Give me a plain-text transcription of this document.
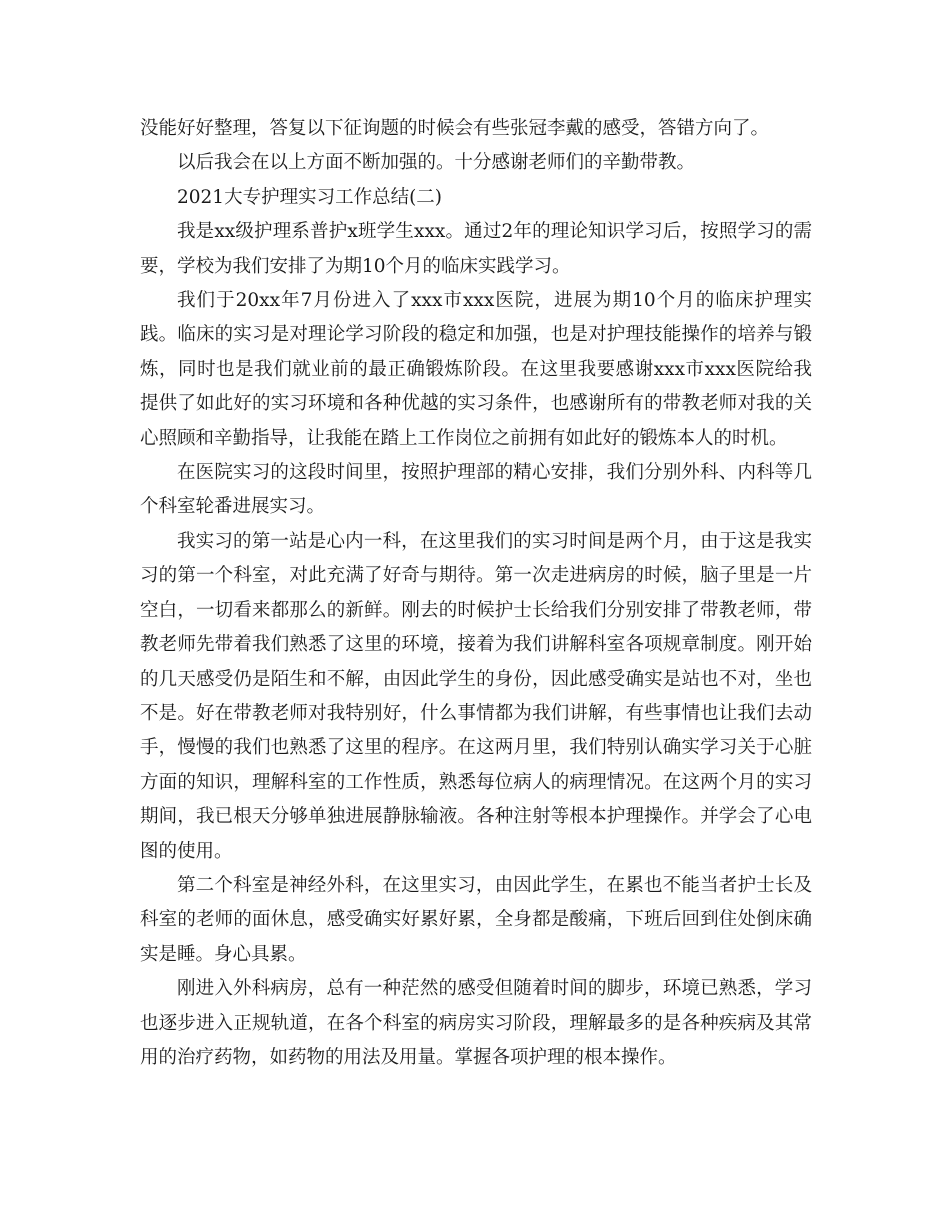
没能好好整理，答复以下征询题的时候会有些张冠李戴的感受，答错方向了。

以后我会在以上方面不断加强的。十分感谢老师们的辛勤带教。

2021大专护理实习工作总结(二)

我是xx级护理系普护x班学生xxx。通过2年的理论知识学习后，按照学习的需要，学校为我们安排了为期10个月的临床实践学习。

我们于20xx年7月份进入了xxx市xxx医院，进展为期10个月的临床护理实践。临床的实习是对理论学习阶段的稳定和加强，也是对护理技能操作的培养与锻炼，同时也是我们就业前的最正确锻炼阶段。在这里我要感谢xxx市xxx医院给我提供了如此好的实习环境和各种优越的实习条件，也感谢所有的带教老师对我的关心照顾和辛勤指导，让我能在踏上工作岗位之前拥有如此好的锻炼本人的时机。

在医院实习的这段时间里，按照护理部的精心安排，我们分别外科、内科等几个科室轮番进展实习。

我实习的第一站是心内一科，在这里我们的实习时间是两个月，由于这是我实习的第一个科室，对此充满了好奇与期待。第一次走进病房的时候，脑子里是一片空白，一切看来都那么的新鲜。刚去的时候护士长给我们分别安排了带教老师，带教老师先带着我们熟悉了这里的环境，接着为我们讲解科室各项规章制度。刚开始的几天感受仍是陌生和不解，由因此学生的身份，因此感受确实是站也不对，坐也不是。好在带教老师对我特别好，什么事情都为我们讲解，有些事情也让我们去动手，慢慢的我们也熟悉了这里的程序。在这两月里，我们特别认确实学习关于心脏方面的知识，理解科室的工作性质，熟悉每位病人的病理情况。在这两个月的实习期间，我已根天分够单独进展静脉输液。各种注射等根本护理操作。并学会了心电图的使用。

第二个科室是神经外科，在这里实习，由因此学生，在累也不能当者护士长及科室的老师的面休息，感受确实好累好累，全身都是酸痛，下班后回到住处倒床确实是睡。身心具累。

刚进入外科病房，总有一种茫然的感受但随着时间的脚步，环境已熟悉，学习也逐步进入正规轨道，在各个科室的病房实习阶段，理解最多的是各种疾病及其常用的治疗药物，如药物的用法及用量。掌握各项护理的根本操作。
